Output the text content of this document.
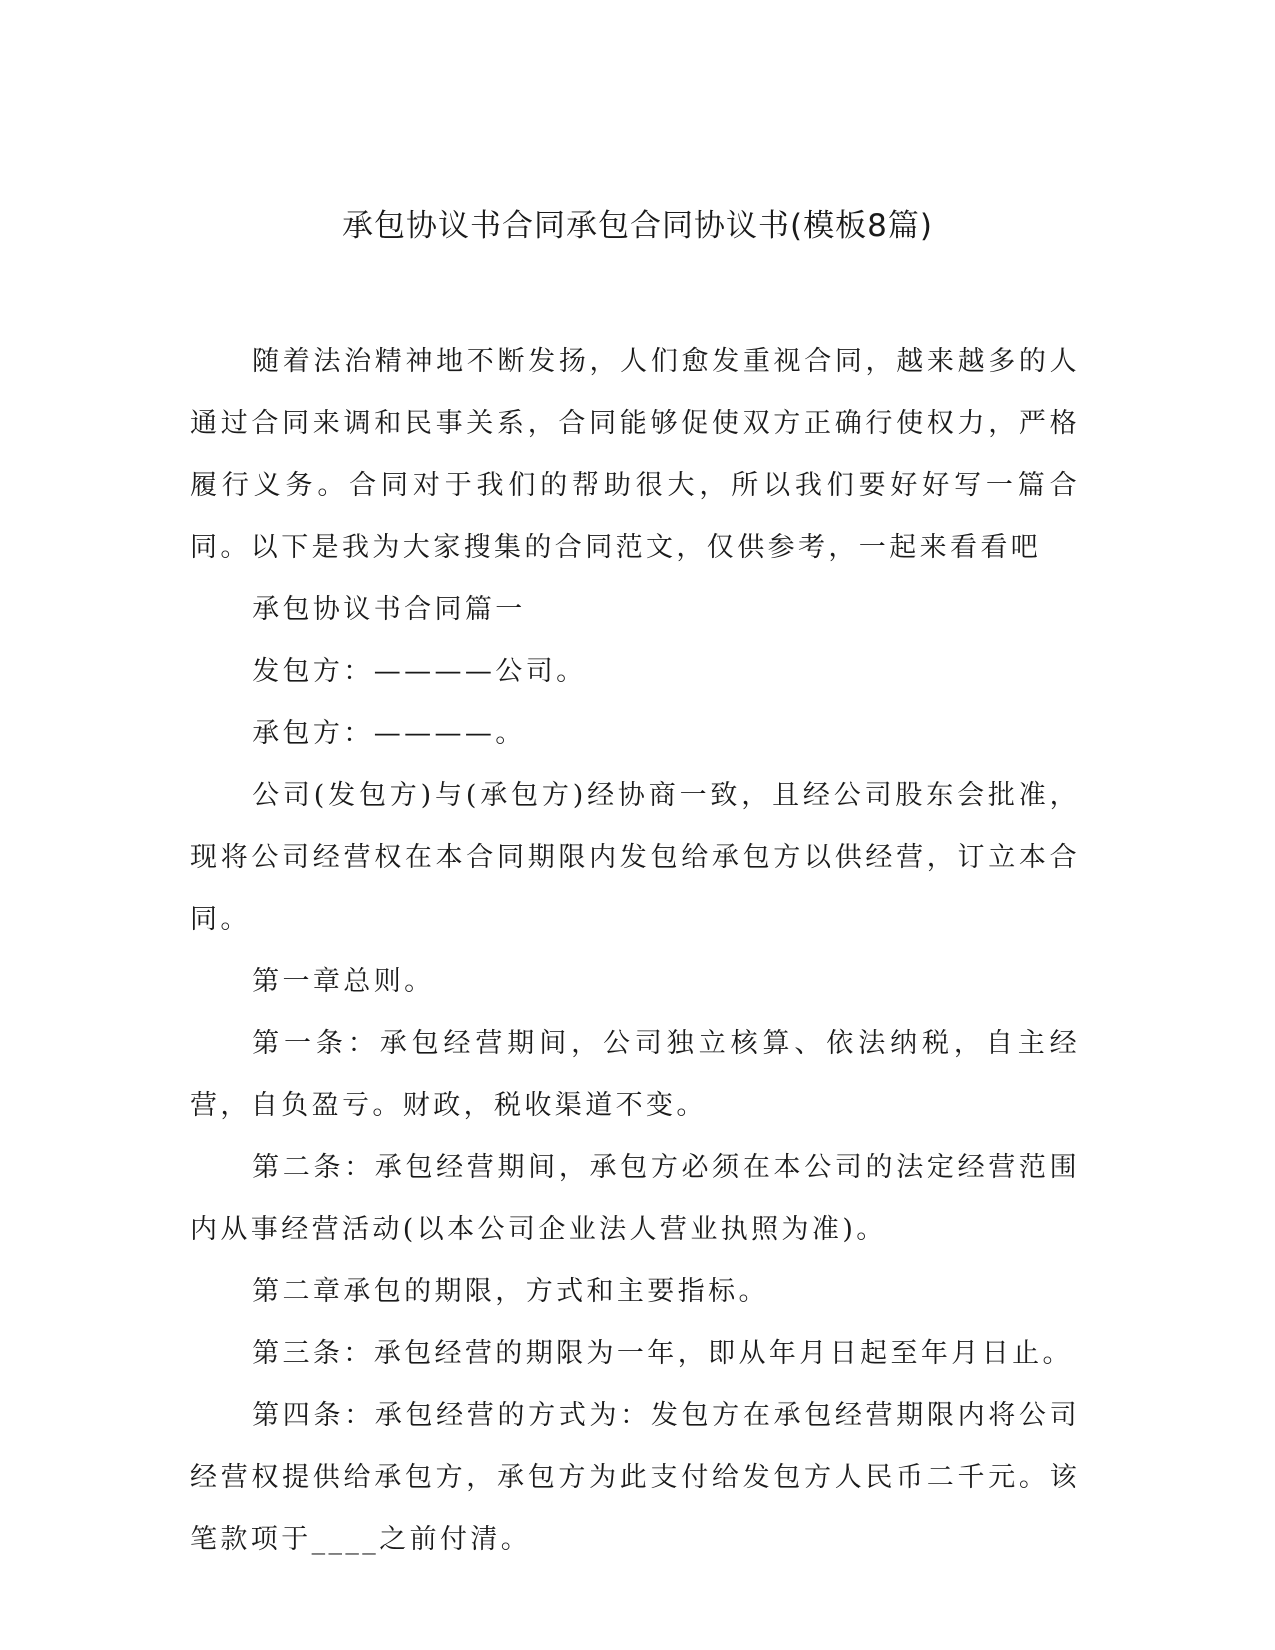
承包协议书合同承包合同协议书(模板8篇)

随着法治精神地不断发扬，人们愈发重视合同，越来越多的人通过合同来调和民事关系，合同能够促使双方正确行使权力，严格履行义务。合同对于我们的帮助很大，所以我们要好好写一篇合同。以下是我为大家搜集的合同范文，仅供参考，一起来看看吧

承包协议书合同篇一

发包方：————公司。

承包方：————。

公司(发包方)与(承包方)经协商一致，且经公司股东会批准，现将公司经营权在本合同期限内发包给承包方以供经营，订立本合同。

第一章总则。

第一条：承包经营期间，公司独立核算、依法纳税，自主经营，自负盈亏。财政，税收渠道不变。

第二条：承包经营期间，承包方必须在本公司的法定经营范围内从事经营活动(以本公司企业法人营业执照为准)。

第二章承包的期限，方式和主要指标。

第三条：承包经营的期限为一年，即从年月日起至年月日止。

第四条：承包经营的方式为：发包方在承包经营期限内将公司经营权提供给承包方，承包方为此支付给发包方人民币二千元。该笔款项于____之前付清。
